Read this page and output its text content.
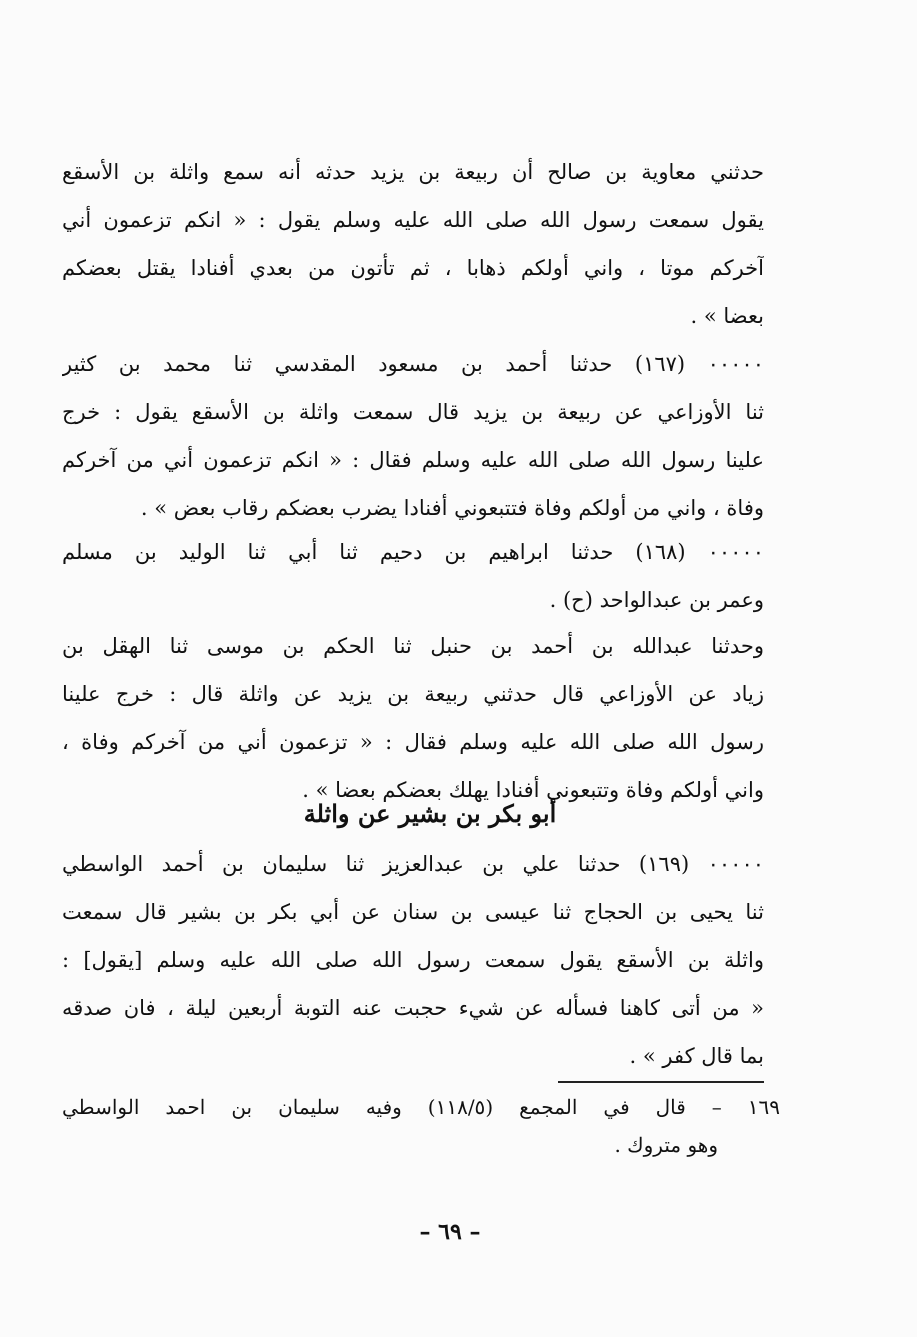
حدثني معاوية بن صالح أن ربيعة بن يزيد حدثه أنه سمع واثلة بن الأسقع
يقول سمعت رسول الله صلى الله عليه وسلم يقول : « انكم تزعمون أني
آخركم موتا ، واني أولكم ذهابا ، ثم تأتون من بعدي أفنادا يقتل بعضكم
بعضا » .
٠٠٠٠٠ (١٦٧) حدثنا أحمد بن مسعود المقدسي ثنا محمد بن كثير
ثنا الأوزاعي عن ربيعة بن يزيد قال سمعت واثلة بن الأسقع يقول : خرج
علينا رسول الله صلى الله عليه وسلم فقال : « انكم تزعمون أني من آخركم
وفاة ، واني من أولكم وفاة فتتبعوني أفنادا يضرب بعضكم رقاب بعض » .
٠٠٠٠٠ (١٦٨) حدثنا ابراهيم بن دحيم ثنا أبي ثنا الوليد بن مسلم
وعمر بن عبدالواحد (ح) .
وحدثنا عبدالله بن أحمد بن حنبل ثنا الحكم بن موسى ثنا الهقل بن
زياد عن الأوزاعي قال حدثني ربيعة بن يزيد عن واثلة قال : خرج علينا
رسول الله صلى الله عليه وسلم فقال : « تزعمون أني من آخركم وفاة ،
واني أولكم وفاة وتتبعوني أفنادا يهلك بعضكم بعضا » .
أبو بكر بن بشير عن واثلة
٠٠٠٠٠ (١٦٩) حدثنا علي بن عبدالعزيز ثنا سليمان بن أحمد الواسطي
ثنا يحيى بن الحجاج ثنا عيسى بن سنان عن أبي بكر بن بشير قال سمعت
واثلة بن الأسقع يقول سمعت رسول الله صلى الله عليه وسلم [يقول] :
« من أتى كاهنا فسأله عن شيء حجبت عنه التوبة أربعين ليلة ، فان صدقه
بما قال كفر » .
١٦٩ – قال في المجمع (١١٨/٥) وفيه سليمان بن احمد الواسطي
وهو متروك .
– ٦٩ –
